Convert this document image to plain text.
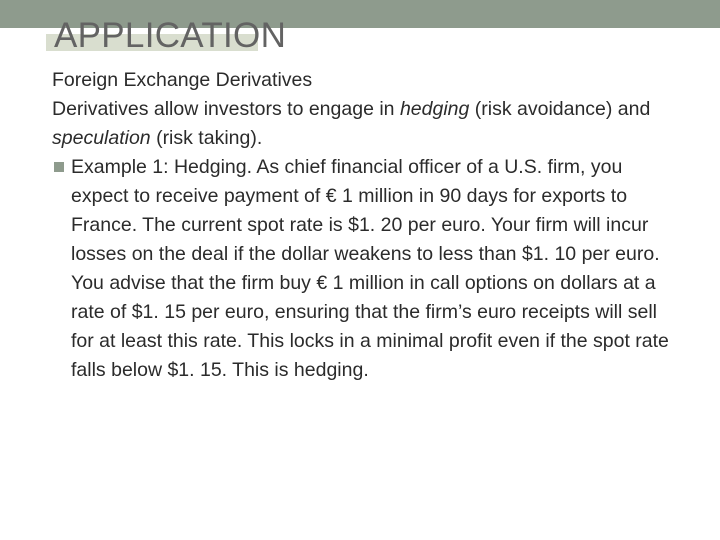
APPLICATION

Foreign Exchange Derivatives

Derivatives allow investors to engage in hedging (risk avoidance) and speculation (risk taking).

Example 1: Hedging. As chief financial officer of a U.S. firm, you expect to receive payment of € 1 million in 90 days for exports to France. The current spot rate is $1. 20 per euro. Your firm will incur losses on the deal if the dollar weakens to less than $1. 10 per euro. You advise that the firm buy € 1 million in call options on dollars at a rate of $1. 15 per euro, ensuring that the firm’s euro receipts will sell for at least this rate. This locks in a minimal profit even if the spot rate falls below $1. 15. This is hedging.
